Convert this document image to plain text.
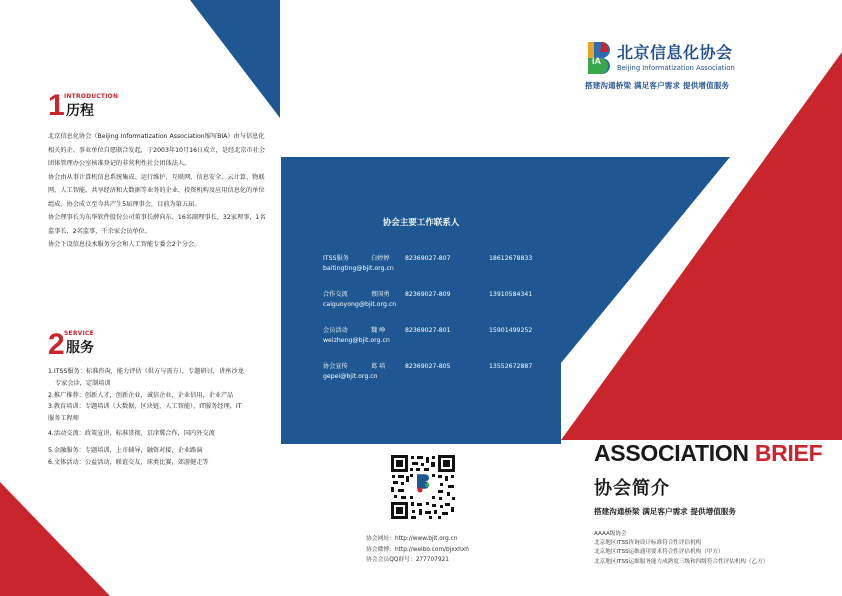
1 INTRODUCTION
历程

北京信息化协会（Beijing Informatization Association缩写BIA）由与信息化相关的企、事业单位自愿联合发起，于2003年10月16日成立，是经北京市社会团体管理办公室核准登记的非营利性社会团体法人。

协会由从事计算机信息系统集成、运行维护、互联网、信息安全、云计算、物联网、人工智能、共享经济和大数据等业务的企业、投资机构及应用信息化的单位组成。协会成立至今共产生5届理事会，目前为第五届。

协会理事长为东华软件股份公司董事长薛向东，16名副理事长，32家理事，1名监事长，2名监事，千余家会员单位。

协会下设信息技术服务分会和人工智能专委会2个分会。

2 SERVICE
服务

1.ITSS服务：标准咨询，能力评估（供方与需方），专题研讨，讲座沙龙

专家会诊，定制培训

2.推广推荐：创新人才，创新企业，诚信企业，企业信用，企业产品

3.教育培训：专题培训（大数据，区块链，人工智能），IT服务经理，IT

服务工程师

4.活动交流：政策宣讲，标准贯彻，京津冀合作，国内外交流

5.金融服务：专题培训，上市辅导，融资对接，企业路演

6.文体活动：公益活动，联谊交友，球类比赛，郊游健走等

协会主要工作联系人
ITSS服务	白婷婷 82369027-807	18612678833
baitingting@bjit.org.cn
合作交流	蔡国勇 82369027-809	13910584341
caiguoyong@bjit.org.cn
会员活动	魏 峥	82369027-801	15901499252
weizheng@bjit.org.cn
协会宣传	葛 培	82369027-805	13552672887
gepei@bjit.org.cn
协会网址：http://www.bjit.org.cn
协会微博：http://weibo.com/bjxxhxh
协会会员QQ群号：277707921
iA 北京信息化协会
Beijing Informatization Association
搭建沟通桥梁 满足客户需求 提供增值服务
ASSOCIATION BRIEF
协会简介
搭建沟通桥梁 满足客户需求 提供增值服务
AAAA级协会
北京地区ITSS咨询设计标准符合性评估机构
北京地区ITSS运维通用要求符合性评估机构（甲方）
北京地区ITSS运维服务能力成熟度三级和四级符合性评估机构（乙方）
